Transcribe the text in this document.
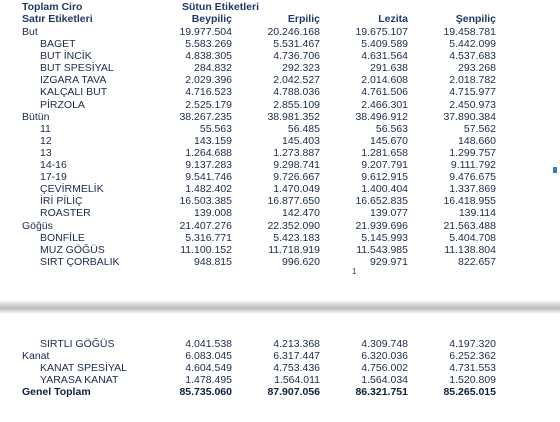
Toplam Ciro
Satır Etiketleri
Sütun Etiketleri
Beypiliç	Erpiliç	Lezita	Şenpiliç
But	19.977.504	20.246.168	19.675.107	19.458.781
BAGET	5.583.269	5.531.467	5.409.589	5.442.099
BUT İNCİK	4.838.305	4.736.706	4.631.564	4.537.683
BUT SPESİYAL	284.832	292.323	291.638	293.268
IZGARA TAVA	2.029.396	2.042.527	2.014.608	2.018.782
KALÇALI BUT	4.716.523	4.788.036	4.761.506	4.715.977
PİRZOLA	2.525.179	2.855.109	2.466.301	2.450.973
Bütün	38.267.235	38.981.352	38.496.912	37.890.384
11	55.563	56.485	56.563	57.562
12	143.159	145.403	145.670	148.660
13	1.264.688	1.273.887	1.281.658	1.299.757
14-16	9.137.283	9.298.741	9.207.791	9.111.792
17-19	9.541.746	9.726.667	9.612.915	9.476.675
ÇEVİRMELİK	1.482.402	1.470.049	1.400.404	1.337.869
İRİ PİLİÇ	16.503.385	16.877.650	16.652.835	16.418.955
ROASTER	139.008	142.470	139.077	139.114
Göğüs	21.407.276	22.352.090	21.939.696	21.563.488
BONFİLE	5.316.771	5.423.183	5.145.993	5.404.708
MUZ GÖĞÜS	11.100.152	11.718.919	11.543.985	11.138.804
SIRT ÇORBALIK	948.815	996.620	929.971	822.657
1
SIRTLI GÖĞÜS	4.041.538	4.213.368	4.309.748	4.197.320
Kanat	6.083.045	6.317.447	6.320.036	6.252.362
KANAT SPESİYAL	4.604.549	4.753.436	4.756.002	4.731.553
YARASA KANAT	1.478.495	1.564.011	1.564.034	1.520.809
Genel Toplam	85.735.060	87.907.056	86.321.751	85.265.015
